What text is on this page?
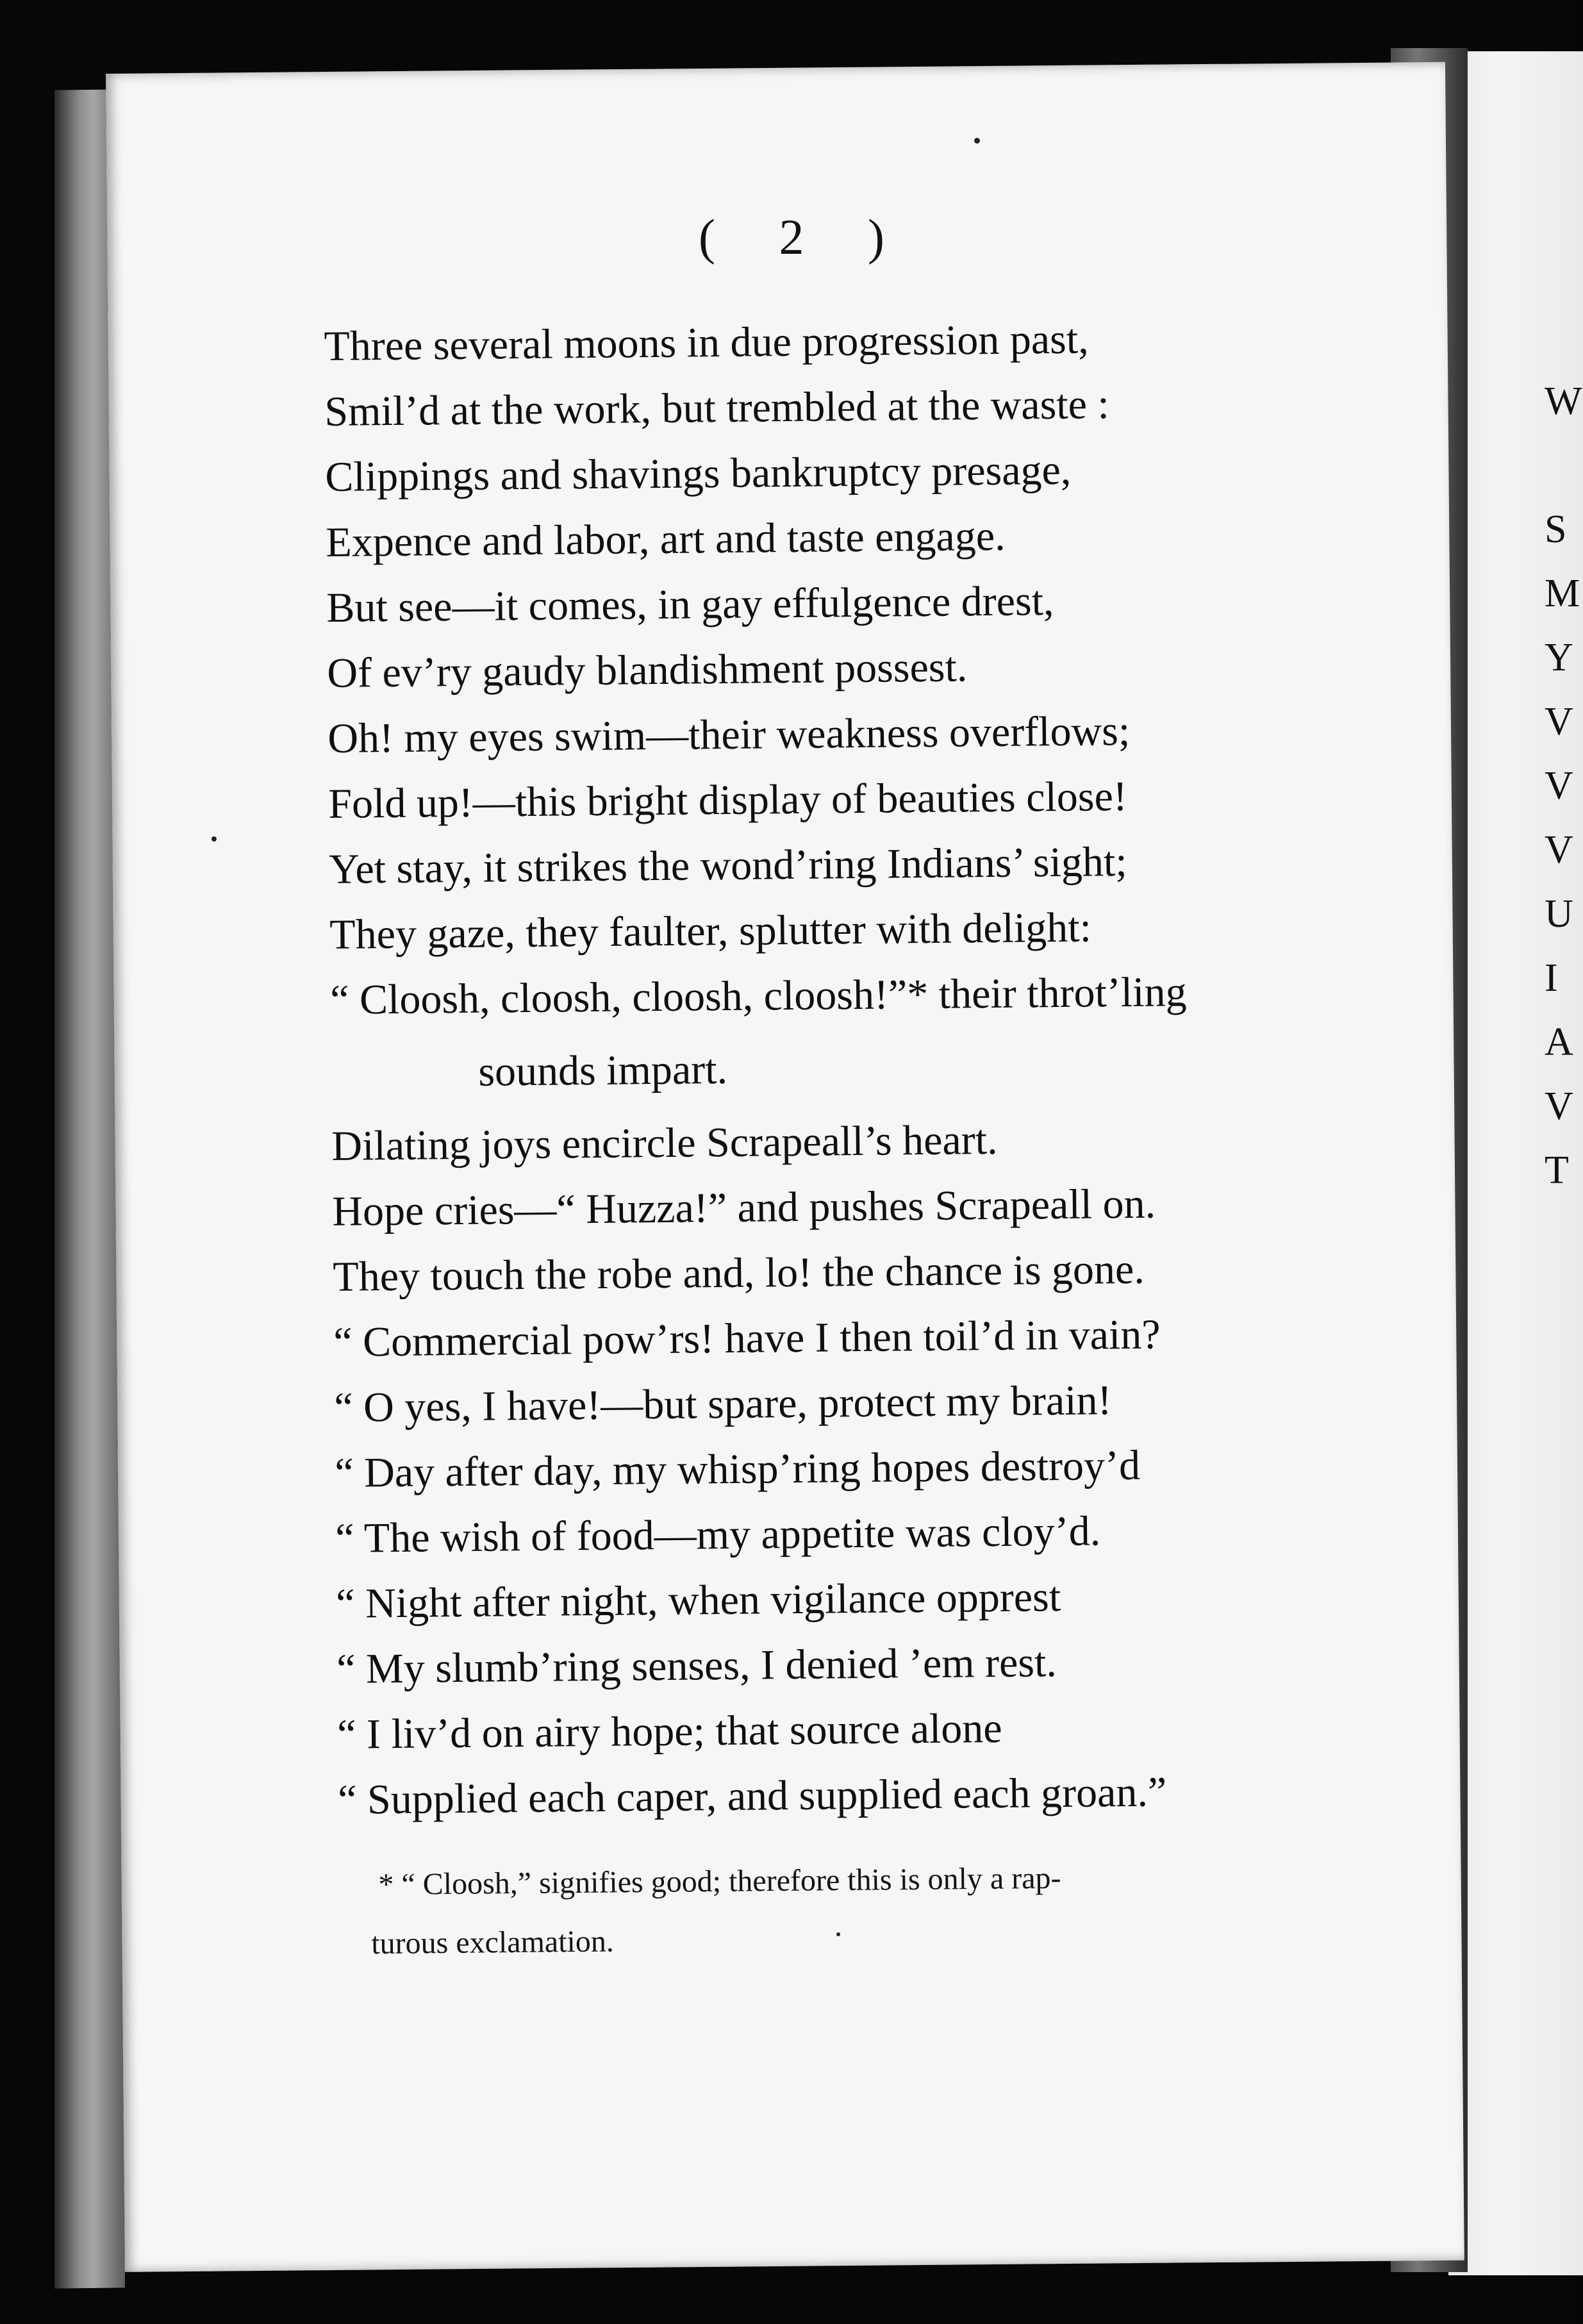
W
S
M
Y
V
V
V
U
I
A
V
T
( 2 )
Three several moons in due progression past,
Smil’d at the work, but trembled at the waste :
Clippings and shavings bankruptcy presage,
Expence and labor, art and taste engage.
But see—it comes, in gay effulgence drest,
Of ev’ry gaudy blandishment possest.
Oh! my eyes swim—their weakness overflows;
Fold up!—this bright display of beauties close!
Yet stay, it strikes the wond’ring Indians’ sight;
They gaze, they faulter, splutter with delight:
“ Cloosh, cloosh, cloosh, cloosh!”* their throt’ling
sounds impart.
Dilating joys encircle Scrapeall’s heart.
Hope cries—“ Huzza!” and pushes Scrapeall on.
They touch the robe and, lo! the chance is gone.
“ Commercial pow’rs! have I then toil’d in vain?
“ O yes, I have!—but spare, protect my brain!
“ Day after day, my whisp’ring hopes destroy’d
“ The wish of food—my appetite was cloy’d.
“ Night after night, when vigilance opprest
“ My slumb’ring senses, I denied ’em rest.
“ I liv’d on airy hope; that source alone
“ Supplied each caper, and supplied each groan.”
* “ Cloosh,” signifies good; therefore this is only a rap-
turous exclamation.
